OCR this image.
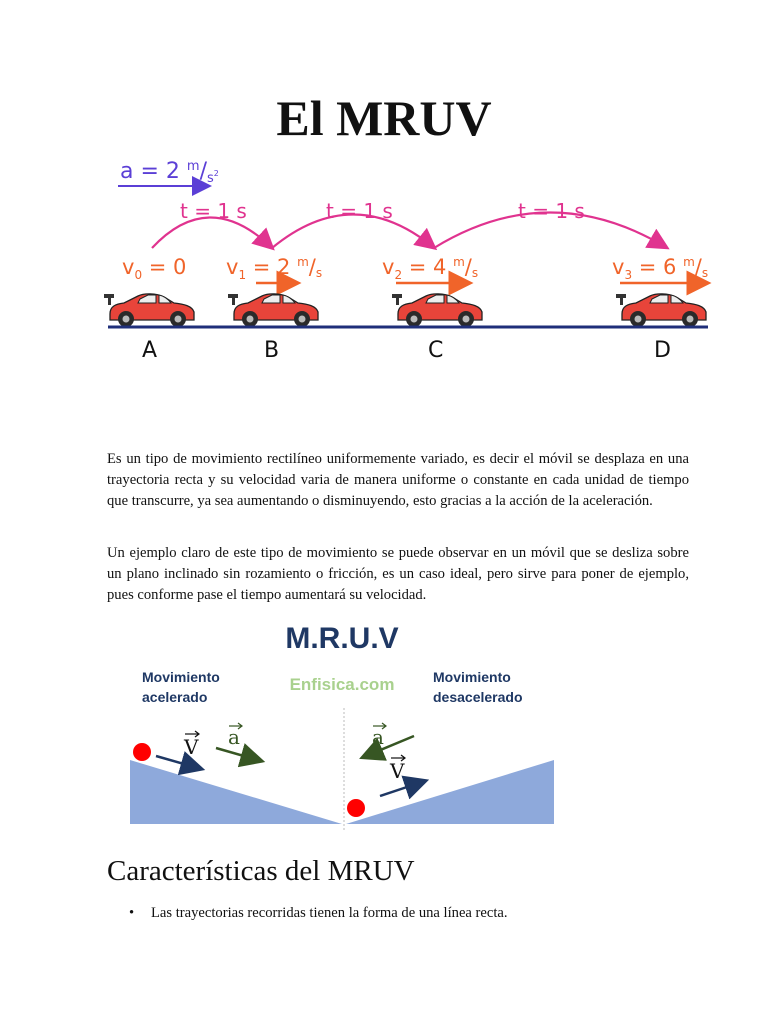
El MRUV
a = 2 $^m/s^2$
t = 1 s	t = 1 s	t = 1 s
$v_0 = 0$ $v_1 = 2$ $^m$/s	$v_2 = 4$ $^m$/s	$v_3 = 6$ $^m$/s
A	B	C	D

Es un tipo de movimiento rectilíneo uniformemente variado, es decir el móvil se desplaza en una trayectoria recta y su velocidad varia de manera uniforme o constante en cada unidad de tiempo que transcurre, ya sea aumentando o disminuyendo, esto gracias a la acción de la aceleración.

Un ejemplo claro de este tipo de movimiento se puede observar en un móvil que se desliza sobre un plano inclinado sin rozamiento o fricción, es un caso ideal, pero sirve para poner de ejemplo, pues conforme pase el tiempo aumentará su velocidad.

M.R.U.V
Movimiento acelerado
Movimiento desacelerado
Enfisica.com
V a	a
V
Características del MRUV
• Las trayectorias recorridas tienen la forma de una línea recta.
